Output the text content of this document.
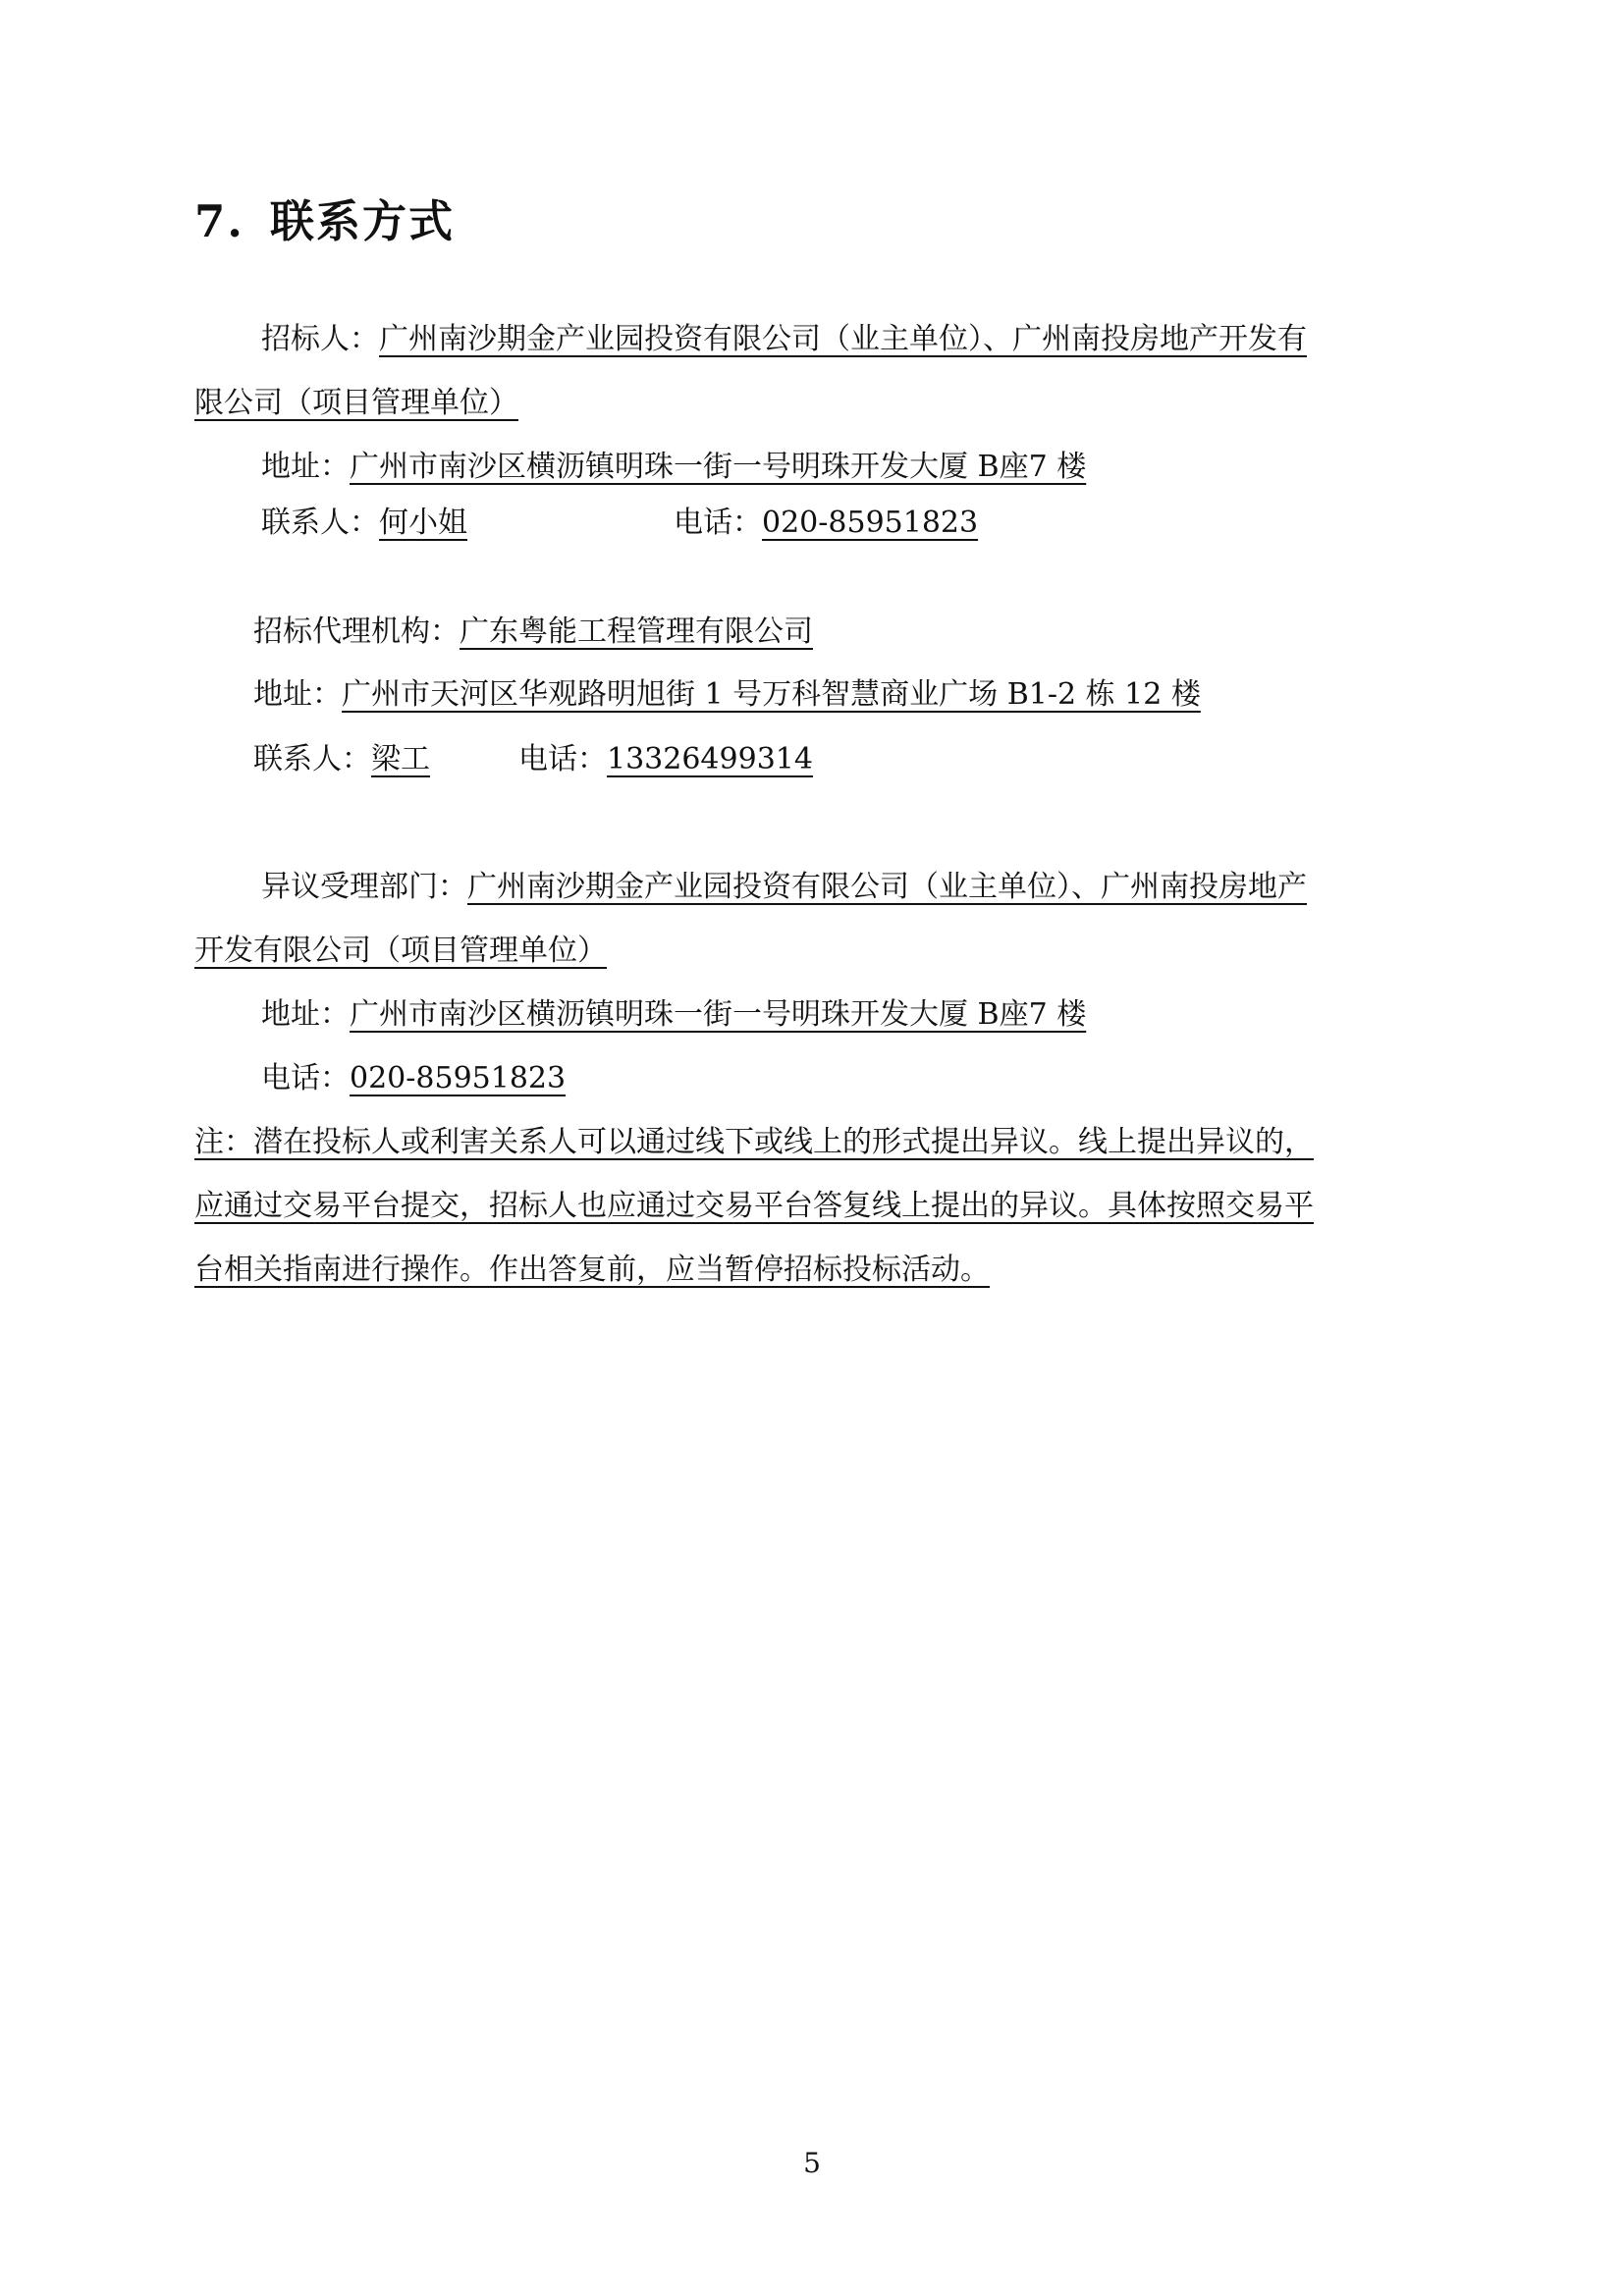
7. 联系方式
招标人：广州南沙期金产业园投资有限公司（业主单位）、广州南投房地产开发有
限公司（项目管理单位）
地址：广州市南沙区横沥镇明珠一街一号明珠开发大厦 B座7 楼
联系人：何小姐	电话：020-85951823
招标代理机构：广东粤能工程管理有限公司
地址：广州市天河区华观路明旭街 1 号万科智慧商业广场 B1-2 栋 12 楼
联系人：梁工	电话：13326499314
异议受理部门：广州南沙期金产业园投资有限公司（业主单位）、广州南投房地产
开发有限公司（项目管理单位）
地址：广州市南沙区横沥镇明珠一街一号明珠开发大厦 B座7 楼
电话：020-85951823
注：潜在投标人或利害关系人可以通过线下或线上的形式提出异议。线上提出异议的，
应通过交易平台提交，招标人也应通过交易平台答复线上提出的异议。具体按照交易平
台相关指南进行操作。作出答复前，应当暂停招标投标活动。
5
